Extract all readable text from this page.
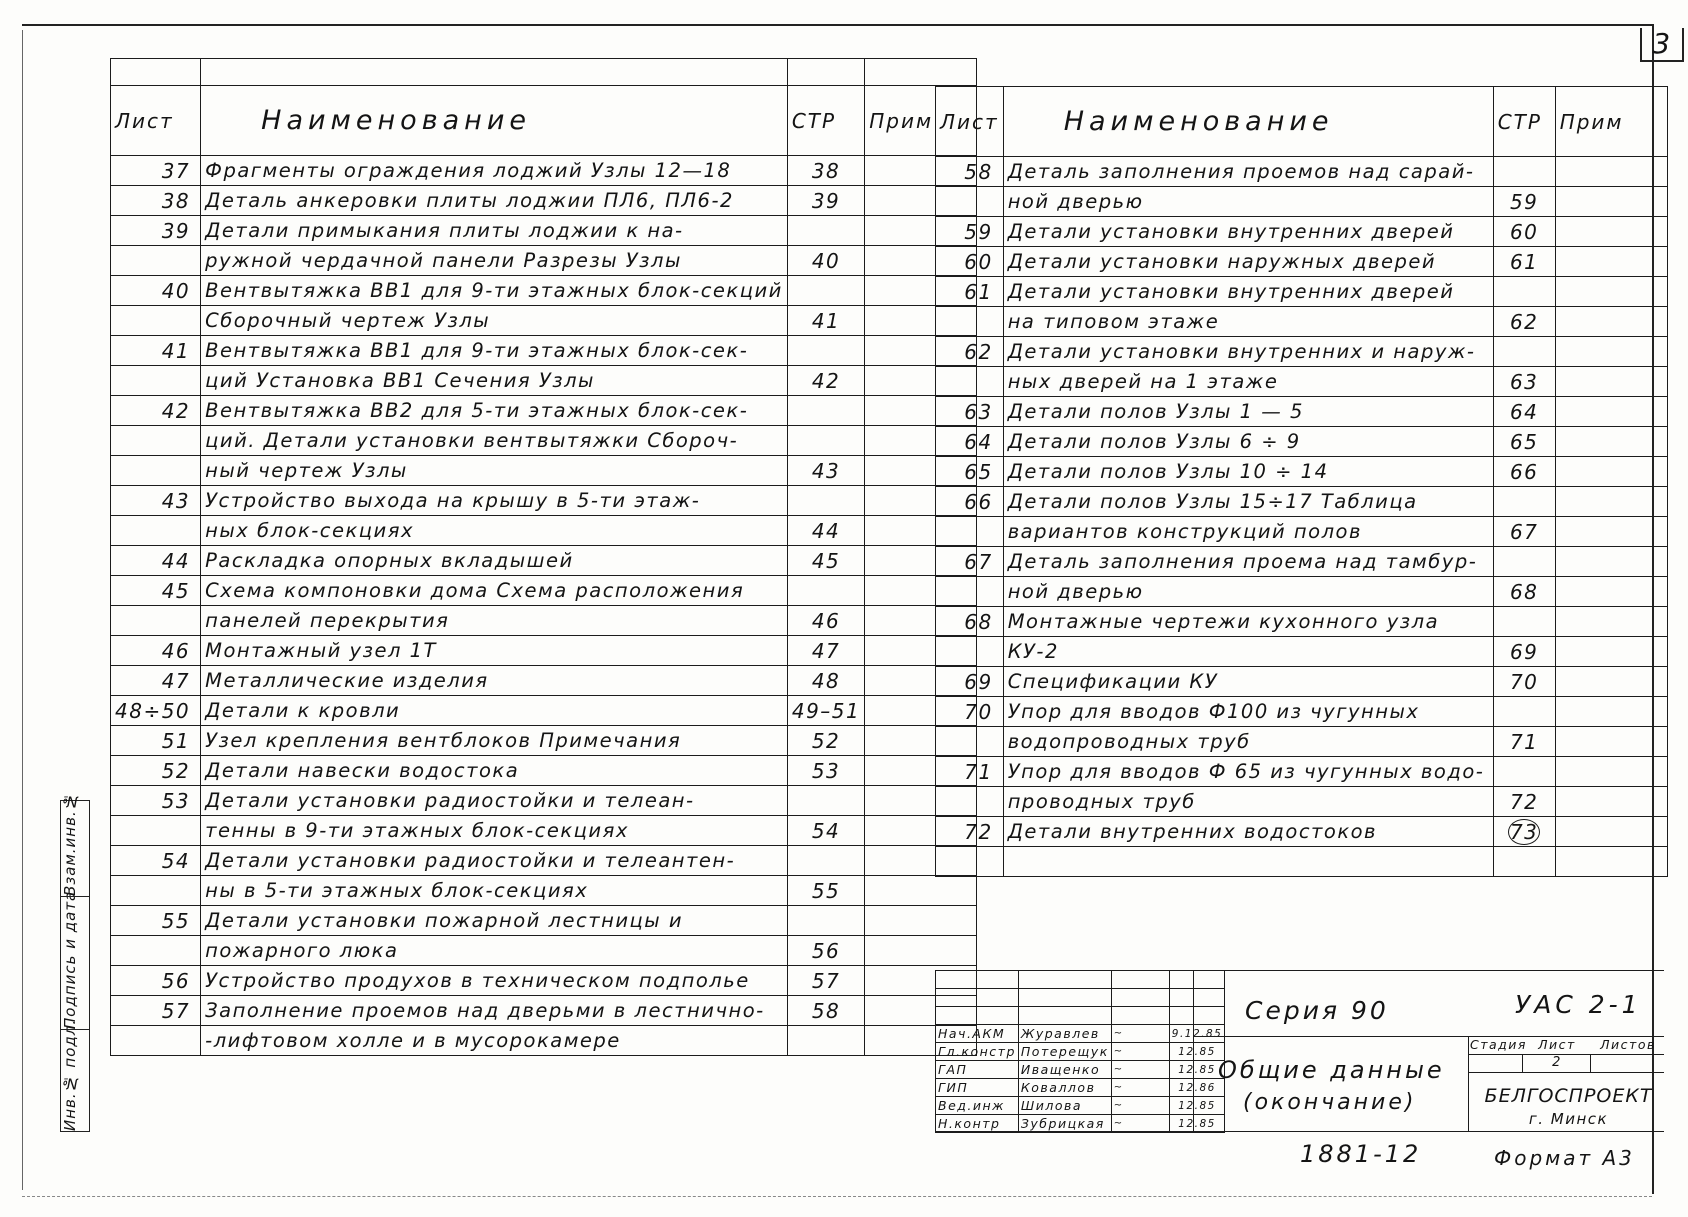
3

Лист	Наименование	СТР	Прим
37	Фрагменты ограждения лоджий Узлы 12—18	38	
38	Деталь анкеровки плиты лоджии ПЛ6, ПЛ6-2	39	
39	Детали примыкания плиты лоджии к на-		
	ружной чердачной панели Разрезы Узлы	40	
40	Вентвытяжка ВВ1 для 9-ти этажных блок-секций		
	Сборочный чертеж Узлы	41	
41	Вентвытяжка ВВ1 для 9-ти этажных блок-сек-		
	ций Установка ВВ1 Сечения Узлы	42	
42	Вентвытяжка ВВ2 для 5-ти этажных блок-сек-		
	ций. Детали установки вентвытяжки Сбороч-		
	ный чертеж Узлы	43	
43	Устройство выхода на крышу в 5-ти этаж-		
	ных блок-секциях	44	
44	Раскладка опорных вкладышей	45	
45	Схема компоновки дома Схема расположения		
	панелей перекрытия	46	
46	Монтажный узел 1Т	47	
47	Металлические изделия	48	
48÷50	Детали к кровли	49–51	
51	Узел крепления вентблоков Примечания	52	
52	Детали навески водостока	53	
53	Детали установки радиостойки и телеан-		
	тенны в 9-ти этажных блок-секциях	54	
54	Детали установки радиостойки и телеантен-		
	ны в 5-ти этажных блок-секциях	55	
55	Детали установки пожарной лестницы и		
	пожарного люка	56	
56	Устройство продухов в техническом подполье	57	
57	Заполнение проемов над дверьми в лестнично-	58	
	-лифтовом холле и в мусорокамере		
Лист	Наименование	СТР	Прим
58	Деталь заполнения проемов над сарай-		
	ной дверью	59	
59	Детали установки внутренних дверей	60	
60	Детали установки наружных дверей	61	
61	Детали установки внутренних дверей		
	на типовом этаже	62	
62	Детали установки внутренних и наруж-		
	ных дверей на 1 этаже	63	
63	Детали полов Узлы 1 — 5	64	
64	Детали полов Узлы 6 ÷ 9	65	
65	Детали полов Узлы 10 ÷ 14	66	
66	Детали полов Узлы 15÷17 Таблица		
	вариантов конструкций полов	67	
67	Деталь заполнения проема над тамбур-		
	ной дверью	68	
68	Монтажные чертежи кухонного узла		
	КУ-2	69	
69	Спецификации КУ	70	
70	Упор для вводов Ф100 из чугунных		
	водопроводных труб	71	
71	Упор для вводов Ф 65 из чугунных водо-		
	проводных труб	72	
72	Детали внутренних водостоков	73	

Инв.№ подл.
Подпись и дата
Взам.инв.№

Нач.АКМ	Журавлев	~	9.12.85
Гл.констр	Потерещук	~	12.85
ГАП	Иващенко	~	12.85
ГИП	Коваллов	~	12.86
Вед.инж	Шилова	~	12.85
Н.контр	Зубрицкая	~	12.85
Серия 90	УАС 2-1
Общие данные
(окончание)
Стадия Лист	Листов
2
БЕЛГОСПРОЕКТ
г. Минск
1881-12	Формат А3
